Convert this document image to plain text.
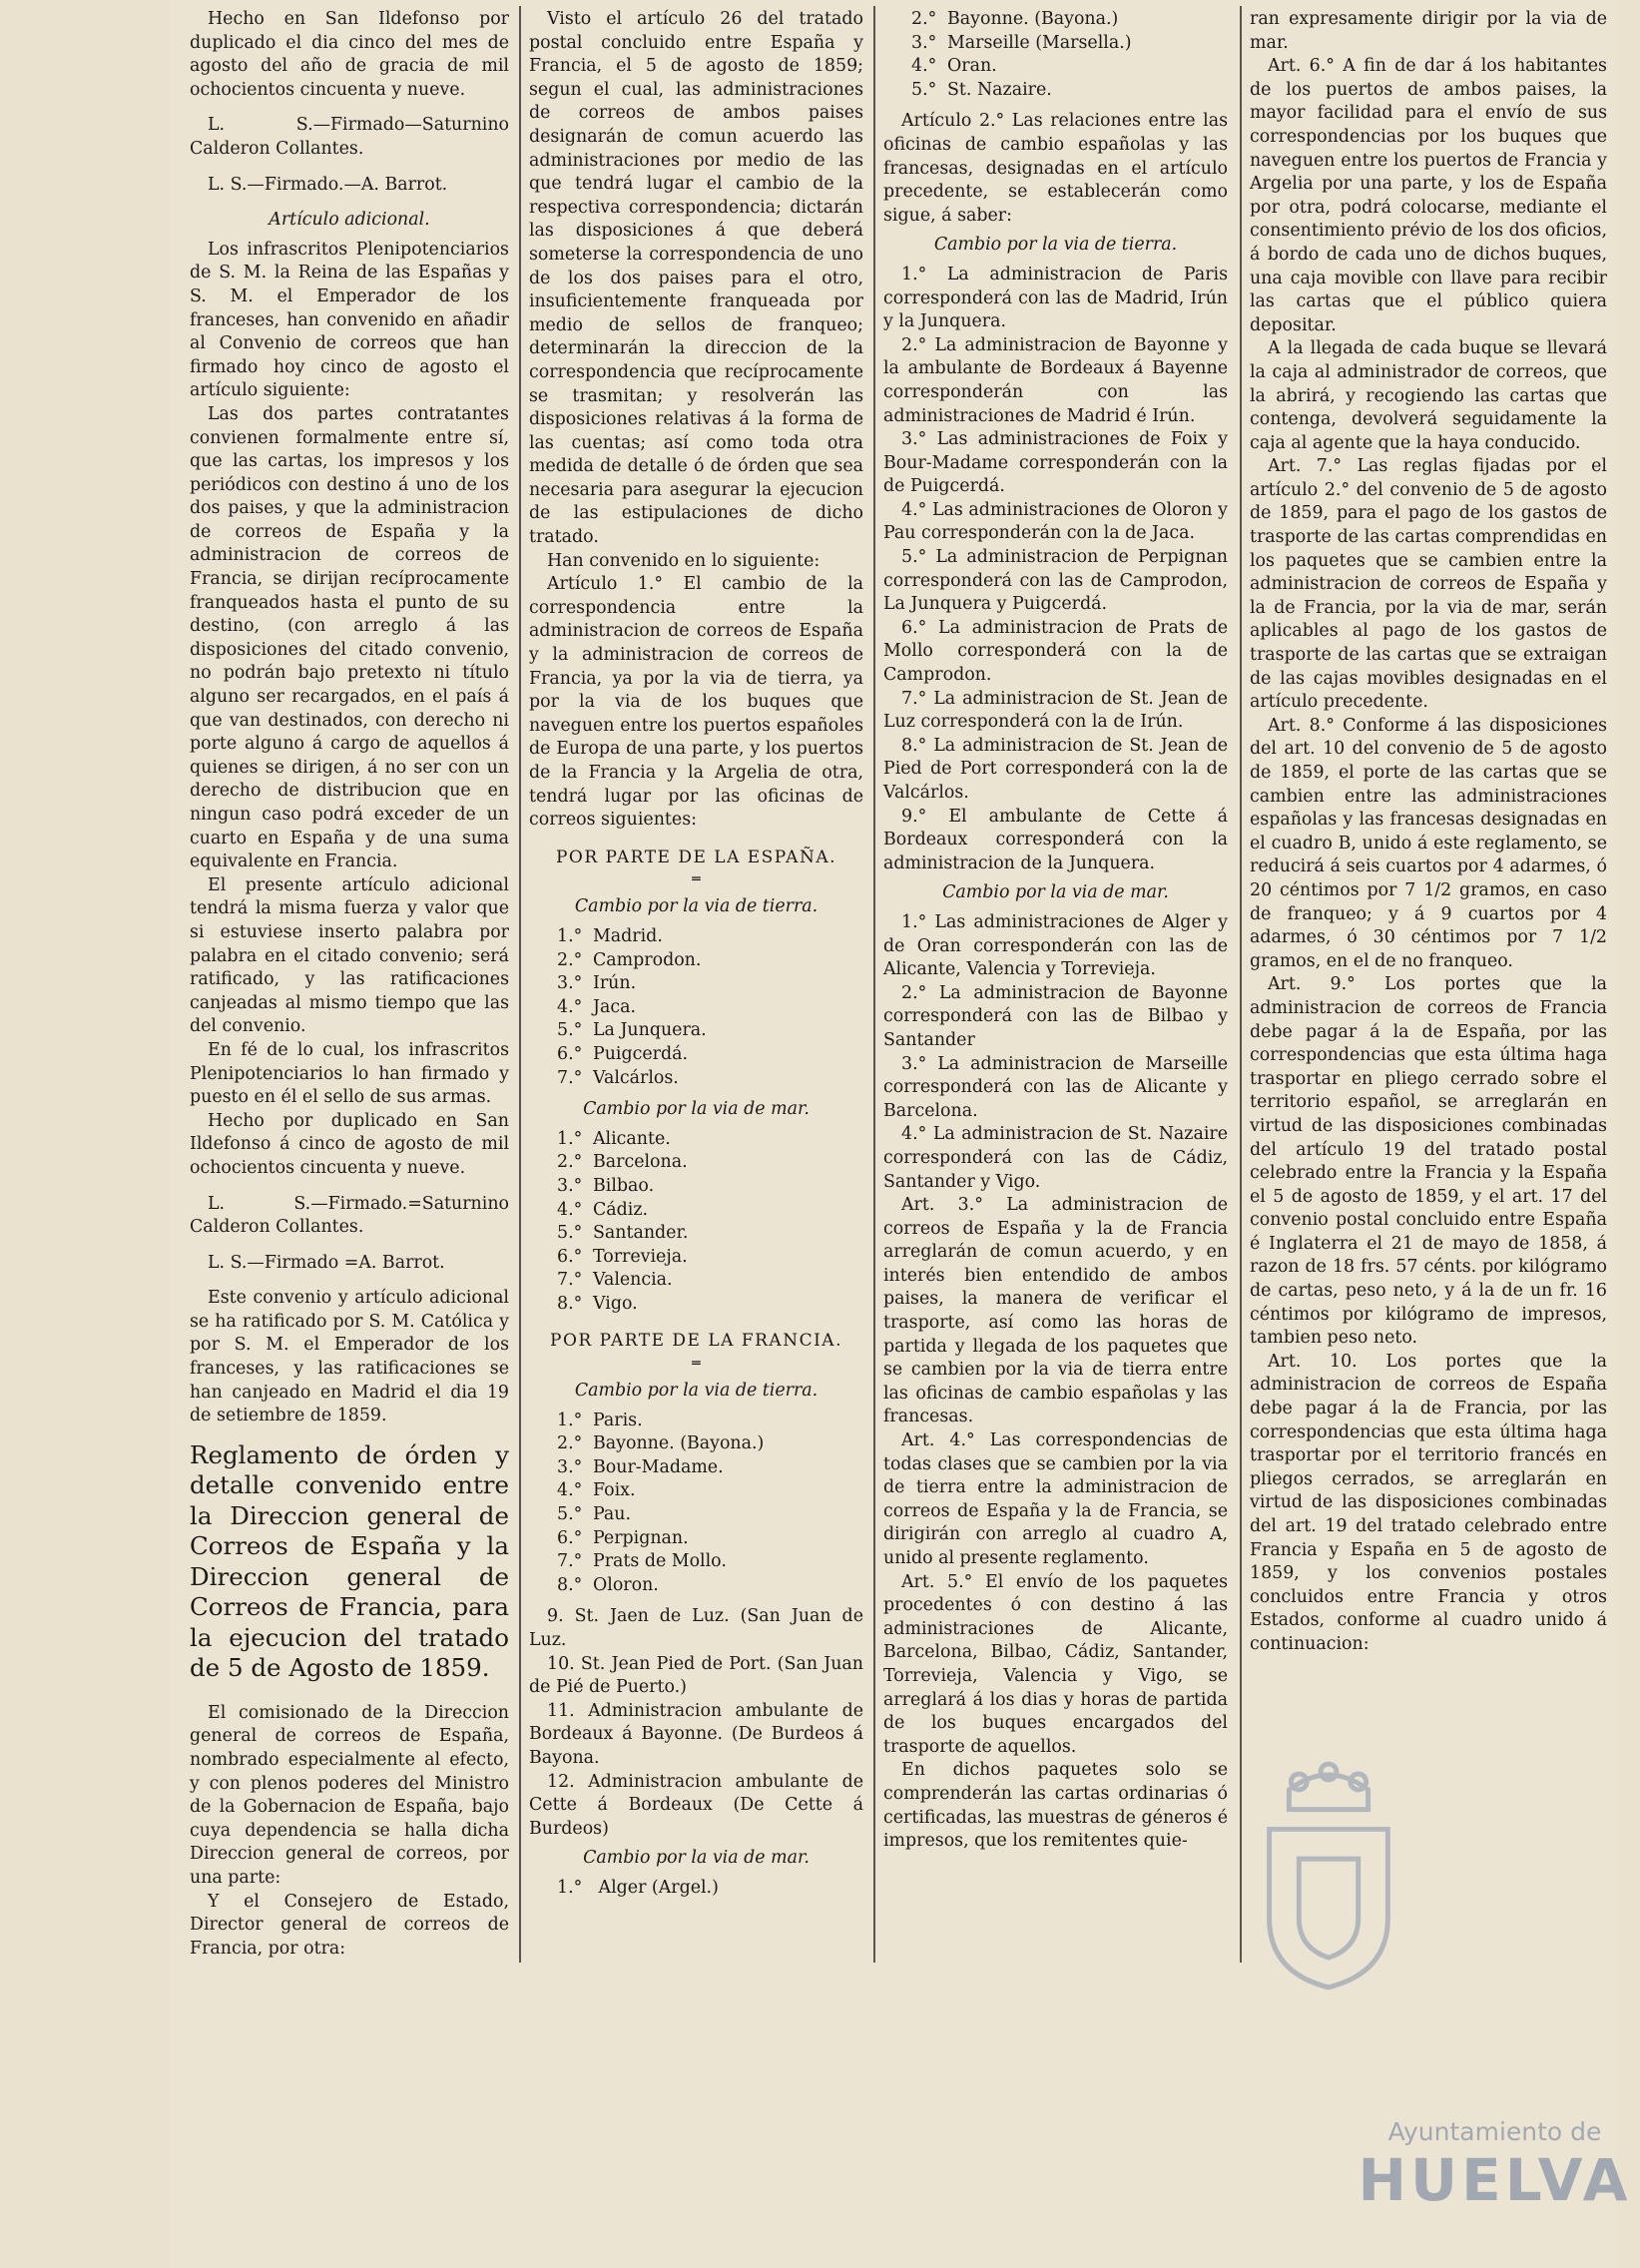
Hecho en San Ildefonso por duplicado el dia cinco del mes de agosto del año de gracia de mil ochocientos cincuenta y nueve.

L. S.—Firmado—Saturnino Calderon Collantes.

L. S.—Firmado.—A. Barrot.

Artículo adicional.

Los infrascritos Plenipotenciarios de S. M. la Reina de las Españas y S. M. el Emperador de los franceses, han convenido en añadir al Convenio de correos que han firmado hoy cinco de agosto el artículo siguiente:

Las dos partes contratantes convienen formalmente entre sí, que las cartas, los impresos y los periódicos con destino á uno de los dos paises, y que la administracion de correos de España y la administracion de correos de Francia, se dirijan recíprocamente franqueados hasta el punto de su destino, (con arreglo á las disposiciones del citado convenio, no podrán bajo pretexto ni título alguno ser recargados, en el país á que van destinados, con derecho ni porte alguno á cargo de aquellos á quienes se dirigen, á no ser con un derecho de distribucion que en ningun caso podrá exceder de un cuarto en España y de una suma equivalente en Francia.

El presente artículo adicional tendrá la misma fuerza y valor que si estuviese inserto palabra por palabra en el citado convenio; será ratificado, y las ratificaciones canjeadas al mismo tiempo que las del convenio.

En fé de lo cual, los infrascritos Plenipotenciarios lo han firmado y puesto en él el sello de sus armas.

Hecho por duplicado en San Ildefonso á cinco de agosto de mil ochocientos cincuenta y nueve.

L. S.—Firmado.=Saturnino Calderon Collantes.

L. S.—Firmado =A. Barrot.

Este convenio y artículo adicional se ha ratificado por S. M. Católica y por S. M. el Emperador de los franceses, y las ratificaciones se han canjeado en Madrid el dia 19 de setiembre de 1859.

Reglamento de órden y detalle convenido entre la Direccion general de Correos de España y la Direccion general de Correos de Francia, para la ejecucion del tratado de 5 de Agosto de 1859.

El comisionado de la Direccion general de correos de España, nombrado especialmente al efecto, y con plenos poderes del Ministro de la Gobernacion de España, bajo cuya dependencia se halla dicha Direccion general de correos, por una parte:

Y el Consejero de Estado, Director general de correos de Francia, por otra:

Visto el artículo 26 del tratado postal concluido entre España y Francia, el 5 de agosto de 1859; segun el cual, las administraciones de correos de ambos paises designarán de comun acuerdo las administraciones por medio de las que tendrá lugar el cambio de la respectiva correspondencia; dictarán las disposiciones á que deberá someterse la correspondencia de uno de los dos paises para el otro, insuficientemente franqueada por medio de sellos de franqueo; determinarán la direccion de la correspondencia que recíprocamente se trasmitan; y resolverán las disposiciones relativas á la forma de las cuentas; así como toda otra medida de detalle ó de órden que sea necesaria para asegurar la ejecucion de las estipulaciones de dicho tratado.

Han convenido en lo siguiente:

Artículo 1.° El cambio de la correspondencia entre la administracion de correos de España y la administracion de correos de Francia, ya por la via de tierra, ya por la via de los buques que naveguen entre los puertos españoles de Europa de una parte, y los puertos de la Francia y la Argelia de otra, tendrá lugar por las oficinas de correos siguientes:

POR PARTE DE LA ESPAÑA.

═

Cambio por la via de tierra.

1.° Madrid.
2.° Camprodon.
3.° Irún.
4.° Jaca.
5.° La Junquera.
6.° Puigcerdá.
7.° Valcárlos.

Cambio por la via de mar.

1.° Alicante.
2.° Barcelona.
3.° Bilbao.
4.° Cádiz.
5.° Santander.
6.° Torrevieja.
7.° Valencia.
8.° Vigo.

POR PARTE DE LA FRANCIA.

═

Cambio por la via de tierra.

1.° Paris.
2.° Bayonne. (Bayona.)
3.° Bour-Madame.
4.° Foix.
5.° Pau.
6.° Perpignan.
7.° Prats de Mollo.
8.° Oloron.

9. St. Jaen de Luz. (San Juan de Luz.

10. St. Jean Pied de Port. (San Juan de Pié de Puerto.)

11. Administracion ambulante de Bordeaux á Bayonne. (De Burdeos á Bayona.

12. Administracion ambulante de Cette á Bordeaux (De Cette á Burdeos)

Cambio por la via de mar.

1.° Alger (Argel.)
2.° Bayonne. (Bayona.)
3.° Marseille (Marsella.)
4.° Oran.
5.° St. Nazaire.

Artículo 2.° Las relaciones entre las oficinas de cambio españolas y las francesas, designadas en el artículo precedente, se establecerán como sigue, á saber:

Cambio por la via de tierra.

1.° La administracion de Paris corresponderá con las de Madrid, Irún y la Junquera.

2.° La administracion de Bayonne y la ambulante de Bordeaux á Bayenne corresponderán con las administraciones de Madrid é Irún.

3.° Las administraciones de Foix y Bour-Madame corresponderán con la de Puigcerdá.

4.° Las administraciones de Oloron y Pau corresponderán con la de Jaca.

5.° La administracion de Perpignan corresponderá con las de Camprodon, La Junquera y Puigcerdá.

6.° La administracion de Prats de Mollo corresponderá con la de Camprodon.

7.° La administracion de St. Jean de Luz corresponderá con la de Irún.

8.° La administracion de St. Jean de Pied de Port corresponderá con la de Valcárlos.

9.° El ambulante de Cette á Bordeaux corresponderá con la administracion de la Junquera.

Cambio por la via de mar.

1.° Las administraciones de Alger y de Oran corresponderán con las de Alicante, Valencia y Torrevieja.

2.° La administracion de Bayonne corresponderá con las de Bilbao y Santander

3.° La administracion de Marseille corresponderá con las de Alicante y Barcelona.

4.° La administracion de St. Nazaire corresponderá con las de Cádiz, Santander y Vigo.

Art. 3.° La administracion de correos de España y la de Francia arreglarán de comun acuerdo, y en interés bien entendido de ambos paises, la manera de verificar el trasporte, así como las horas de partida y llegada de los paquetes que se cambien por la via de tierra entre las oficinas de cambio españolas y las francesas.

Art. 4.° Las correspondencias de todas clases que se cambien por la via de tierra entre la administracion de correos de España y la de Francia, se dirigirán con arreglo al cuadro A, unido al presente reglamento.

Art. 5.° El envío de los paquetes procedentes ó con destino á las administraciones de Alicante, Barcelona, Bilbao, Cádiz, Santander, Torrevieja, Valencia y Vigo, se arreglará á los dias y horas de partida de los buques encargados del trasporte de aquellos.

En dichos paquetes solo se comprenderán las cartas ordinarias ó certificadas, las muestras de géneros é impresos, que los remitentes quie-

ran expresamente dirigir por la via de mar.

Art. 6.° A fin de dar á los habitantes de los puertos de ambos paises, la mayor facilidad para el envío de sus correspondencias por los buques que naveguen entre los puertos de Francia y Argelia por una parte, y los de España por otra, podrá colocarse, mediante el consentimiento prévio de los dos oficios, á bordo de cada uno de dichos buques, una caja movible con llave para recibir las cartas que el público quiera depositar.

A la llegada de cada buque se llevará la caja al administrador de correos, que la abrirá, y recogiendo las cartas que contenga, devolverá seguidamente la caja al agente que la haya conducido.

Art. 7.° Las reglas fijadas por el artículo 2.° del convenio de 5 de agosto de 1859, para el pago de los gastos de trasporte de las cartas comprendidas en los paquetes que se cambien entre la administracion de correos de España y la de Francia, por la via de mar, serán aplicables al pago de los gastos de trasporte de las cartas que se extraigan de las cajas movibles designadas en el artículo precedente.

Art. 8.° Conforme á las disposiciones del art. 10 del convenio de 5 de agosto de 1859, el porte de las cartas que se cambien entre las administraciones españolas y las francesas designadas en el cuadro B, unido á este reglamento, se reducirá á seis cuartos por 4 adarmes, ó 20 céntimos por 7 1/2 gramos, en caso de franqueo; y á 9 cuartos por 4 adarmes, ó 30 céntimos por 7 1/2 gramos, en el de no franqueo.

Art. 9.° Los portes que la administracion de correos de Francia debe pagar á la de España, por las correspondencias que esta última haga trasportar en pliego cerrado sobre el territorio español, se arreglarán en virtud de las disposiciones combinadas del artículo 19 del tratado postal celebrado entre la Francia y la España el 5 de agosto de 1859, y el art. 17 del convenio postal concluido entre España é Inglaterra el 21 de mayo de 1858, á razon de 18 frs. 57 cénts. por kilógramo de cartas, peso neto, y á la de un fr. 16 céntimos por kilógramo de impresos, tambien peso neto.

Art. 10. Los portes que la administracion de correos de España debe pagar á la de Francia, por las correspondencias que esta última haga trasportar por el territorio francés en pliegos cerrados, se arreglarán en virtud de las disposiciones combinadas del art. 19 del tratado celebrado entre Francia y España en 5 de agosto de 1859, y los convenios postales concluidos entre Francia y otros Estados, conforme al cuadro unido á continuacion:

Ayuntamiento de
HUELVA
